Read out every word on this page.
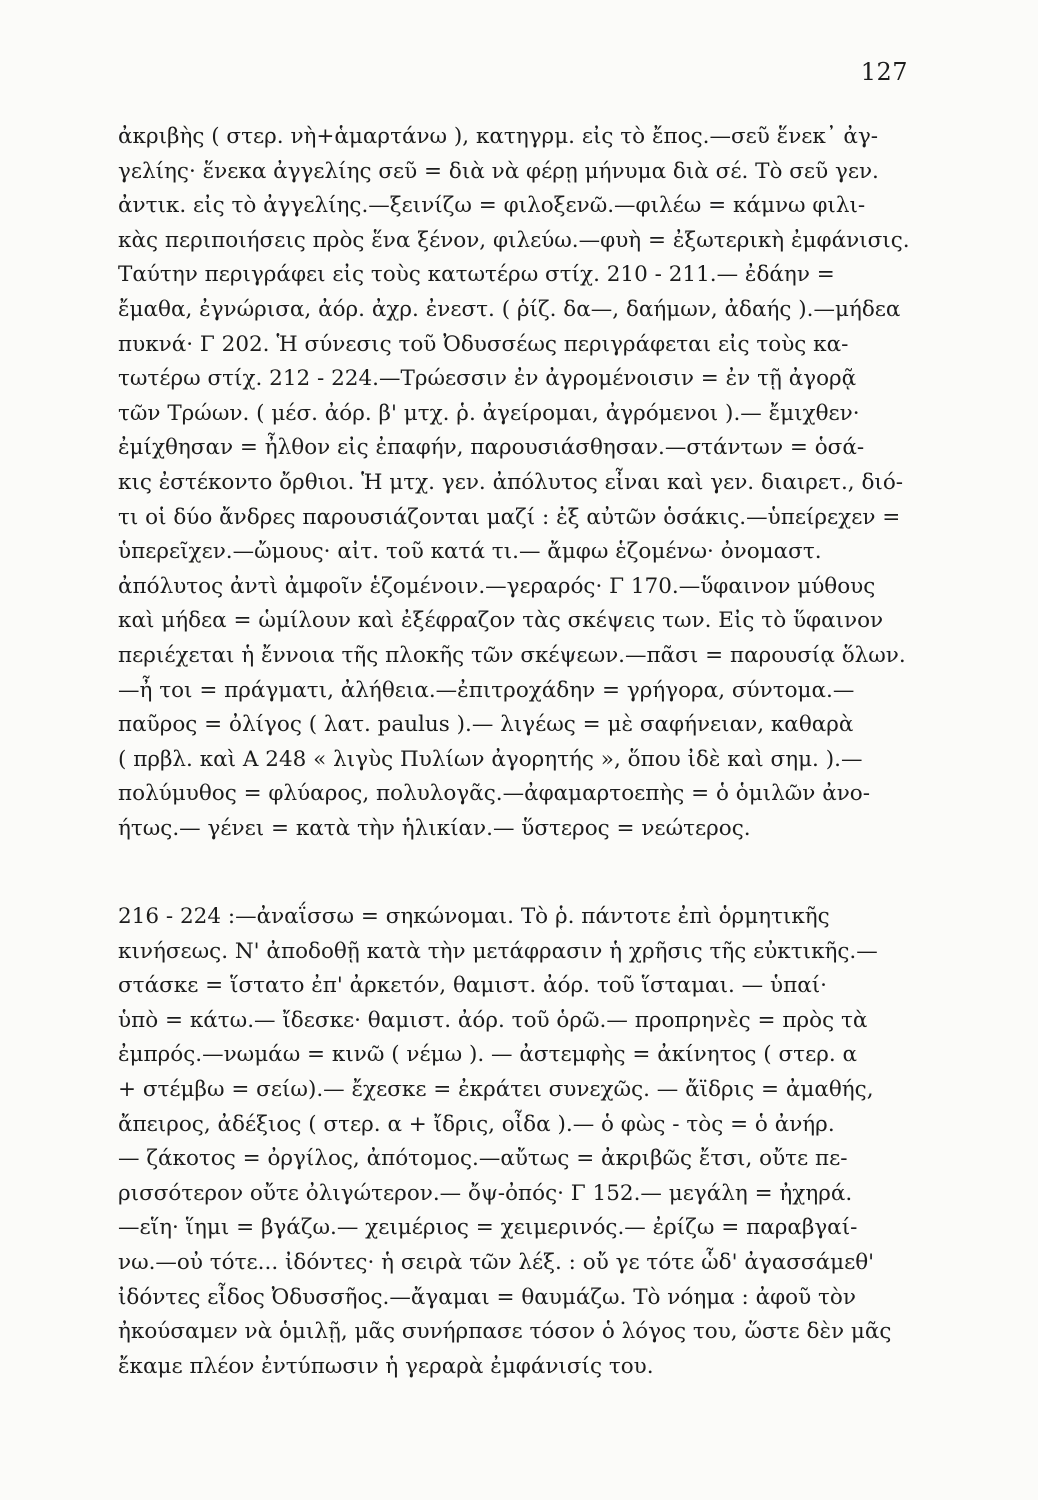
127
ἀκριβὴς ( στερ. νὴ+ἁμαρτάνω ), κατηγρμ. εἰς τὸ ἔπος.—σεῦ ἕνεκ᾽ ἀγ-
γελίης· ἕνεκα ἀγγελίης σεῦ = διὰ νὰ φέρῃ μήνυμα διὰ σέ. Τὸ σεῦ γεν.
ἀντικ. εἰς τὸ ἀγγελίης.—ξεινίζω = φιλοξενῶ.—φιλέω = κάμνω φιλι-
κὰς περιποιήσεις πρὸς ἕνα ξένον, φιλεύω.—φυὴ = ἐξωτερικὴ ἐμφάνισις.
Ταύτην περιγράφει εἰς τοὺς κατωτέρω στίχ. 210 - 211.— ἐδάην =
ἔμαθα, ἐγνώρισα, ἀόρ. ἀχρ. ἐνεστ. ( ῥίζ. δα—, δαήμων, ἀδαής ).—μήδεα
πυκνά· Γ 202. Ἡ σύνεσις τοῦ Ὀδυσσέως περιγράφεται εἰς τοὺς κα-
τωτέρω στίχ. 212 - 224.—Τρώεσσιν ἐν ἀγρομένοισιν = ἐν τῇ ἀγορᾷ
τῶν Τρώων. ( μέσ. ἀόρ. β' μτχ. ῥ. ἀγείρομαι, ἀγρόμενοι ).— ἔμιχθεν·
ἐμίχθησαν = ἦλθον εἰς ἐπαφήν, παρουσιάσθησαν.—στάντων = ὁσά-
κις ἐστέκοντο ὄρθιοι. Ἡ μτχ. γεν. ἀπόλυτος εἶναι καὶ γεν. διαιρετ., διό-
τι οἱ δύο ἄνδρες παρουσιάζονται μαζί : ἐξ αὐτῶν ὁσάκις.—ὑπείρεχεν =
ὑπερεῖχεν.—ὤμους· αἰτ. τοῦ κατά τι.— ἄμφω ἑζομένω· ὀνομαστ.
ἀπόλυτος ἀντὶ ἀμφοῖν ἑζομένοιν.—γεραρός· Γ 170.—ὕφαινον μύθους
καὶ μήδεα = ὡμίλουν καὶ ἐξέφραζον τὰς σκέψεις των. Εἰς τὸ ὕφαινον
περιέχεται ἡ ἔννοια τῆς πλοκῆς τῶν σκέψεων.—πᾶσι = παρουσίᾳ ὅλων.
—ἦ τοι = πράγματι, ἀλήθεια.—ἐπιτροχάδην = γρήγορα, σύντομα.—
παῦρος = ὀλίγος ( λατ. paulus ).— λιγέως = μὲ σαφήνειαν, καθαρὰ
( πρβλ. καὶ Α 248 « λιγὺς Πυλίων ἀγορητής », ὅπου ἰδὲ καὶ σημ. ).—
πολύμυθος = φλύαρος, πολυλογᾶς.—ἀφαμαρτοεπὴς = ὁ ὁμιλῶν ἀνο-
ήτως.— γένει = κατὰ τὴν ἡλικίαν.— ὕστερος = νεώτερος.
216 - 224 :—ἀναΐσσω = σηκώνομαι. Τὸ ῥ. πάντοτε ἐπὶ ὁρμητικῆς
κινήσεως. Ν' ἀποδοθῇ κατὰ τὴν μετάφρασιν ἡ χρῆσις τῆς εὐκτικῆς.—
στάσκε = ἵστατο ἐπ' ἀρκετόν, θαμιστ. ἀόρ. τοῦ ἵσταμαι. — ὑπαί·
ὑπὸ = κάτω.— ἴδεσκε· θαμιστ. ἀόρ. τοῦ ὁρῶ.— προπρηνὲς = πρὸς τὰ
ἐμπρός.—νωμάω = κινῶ ( νέμω ). — ἀστεμφὴς = ἀκίνητος ( στερ. α
+ στέμβω = σείω).— ἔχεσκε = ἐκράτει συνεχῶς. — ἄϊδρις = ἀμαθής,
ἄπειρος, ἀδέξιος ( στερ. α + ἴδρις, οἶδα ).— ὁ φὼς - τὸς = ὁ ἀνήρ.
— ζάκοτος = ὀργίλος, ἀπότομος.—αὔτως = ἀκριβῶς ἔτσι, οὔτε πε-
ρισσότερον οὔτε ὀλιγώτερον.— ὄψ-ὀπός· Γ 152.— μεγάλη = ἠχηρά.
—εἵη· ἵημι = βγάζω.— χειμέριος = χειμερινός.— ἐρίζω = παραβγαί-
νω.—οὐ τότε... ἰδόντες· ἡ σειρὰ τῶν λέξ. : οὔ γε τότε ὧδ' ἀγασσάμεθ'
ἰδόντες εἶδος Ὀδυσσῆος.—ἄγαμαι = θαυμάζω. Τὸ νόημα : ἀφοῦ τὸν
ἠκούσαμεν νὰ ὁμιλῇ, μᾶς συνήρπασε τόσον ὁ λόγος του, ὥστε δὲν μᾶς
ἔκαμε πλέον ἐντύπωσιν ἡ γεραρὰ ἐμφάνισίς του.
